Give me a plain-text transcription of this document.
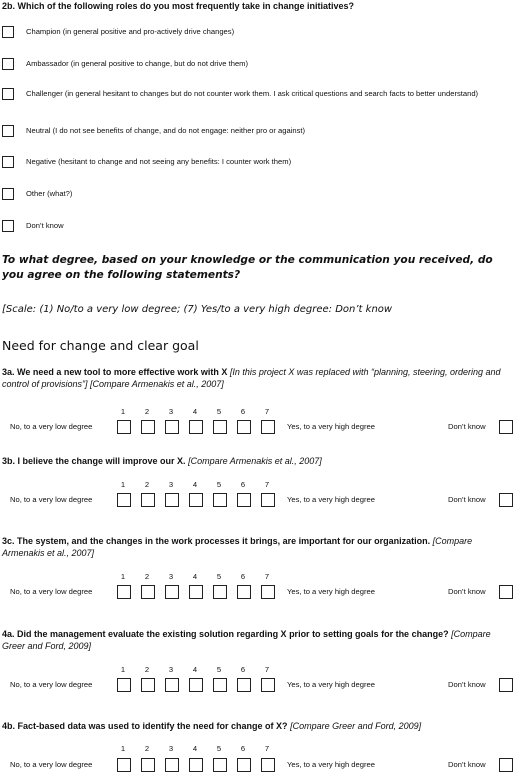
2b. Which of the following roles do you most frequently take in change initiatives?
Champion (in general positive and pro-actively drive changes)
Ambassador (in general positive to change, but do not drive them)
Challenger (in general hesitant to changes but do not counter work them. I ask critical questions and search facts to better understand)
Neutral (I do not see benefits of change, and do not engage: neither pro or against)
Negative (hesitant to change and not seeing any benefits: I counter work them)
Other (what?)
Don’t know
To what degree, based on your knowledge or the communication you received, do you agree on the following statements?
[Scale: (1) No/to a very low degree; (7) Yes/to a very high degree: Don’t know
Need for change and clear goal
3a. We need a new tool to more effective work with X [In this project X was replaced with “planning, steering, ordering and control of provisions”] [Compare Armenakis et al., 2007]
1	2	3	4	5	6	7
No, to a very low degree	Yes, to a very high degree	Don’t know
3b. I believe the change will improve our X. [Compare Armenakis et al., 2007]
1	2	3	4	5	6	7
No, to a very low degree	Yes, to a very high degree	Don’t know
3c. The system, and the changes in the work processes it brings, are important for our organization. [Compare Armenakis et al., 2007]
1	2	3	4	5	6	7
No, to a very low degree	Yes, to a very high degree	Don’t know
4a. Did the management evaluate the existing solution regarding X prior to setting goals for the change? [Compare Greer and Ford, 2009]
1	2	3	4	5	6	7
No, to a very low degree	Yes, to a very high degree	Don’t know
4b. Fact-based data was used to identify the need for change of X? [Compare Greer and Ford, 2009]
1	2	3	4	5	6	7
No, to a very low degree	Yes, to a very high degree	Don’t know
